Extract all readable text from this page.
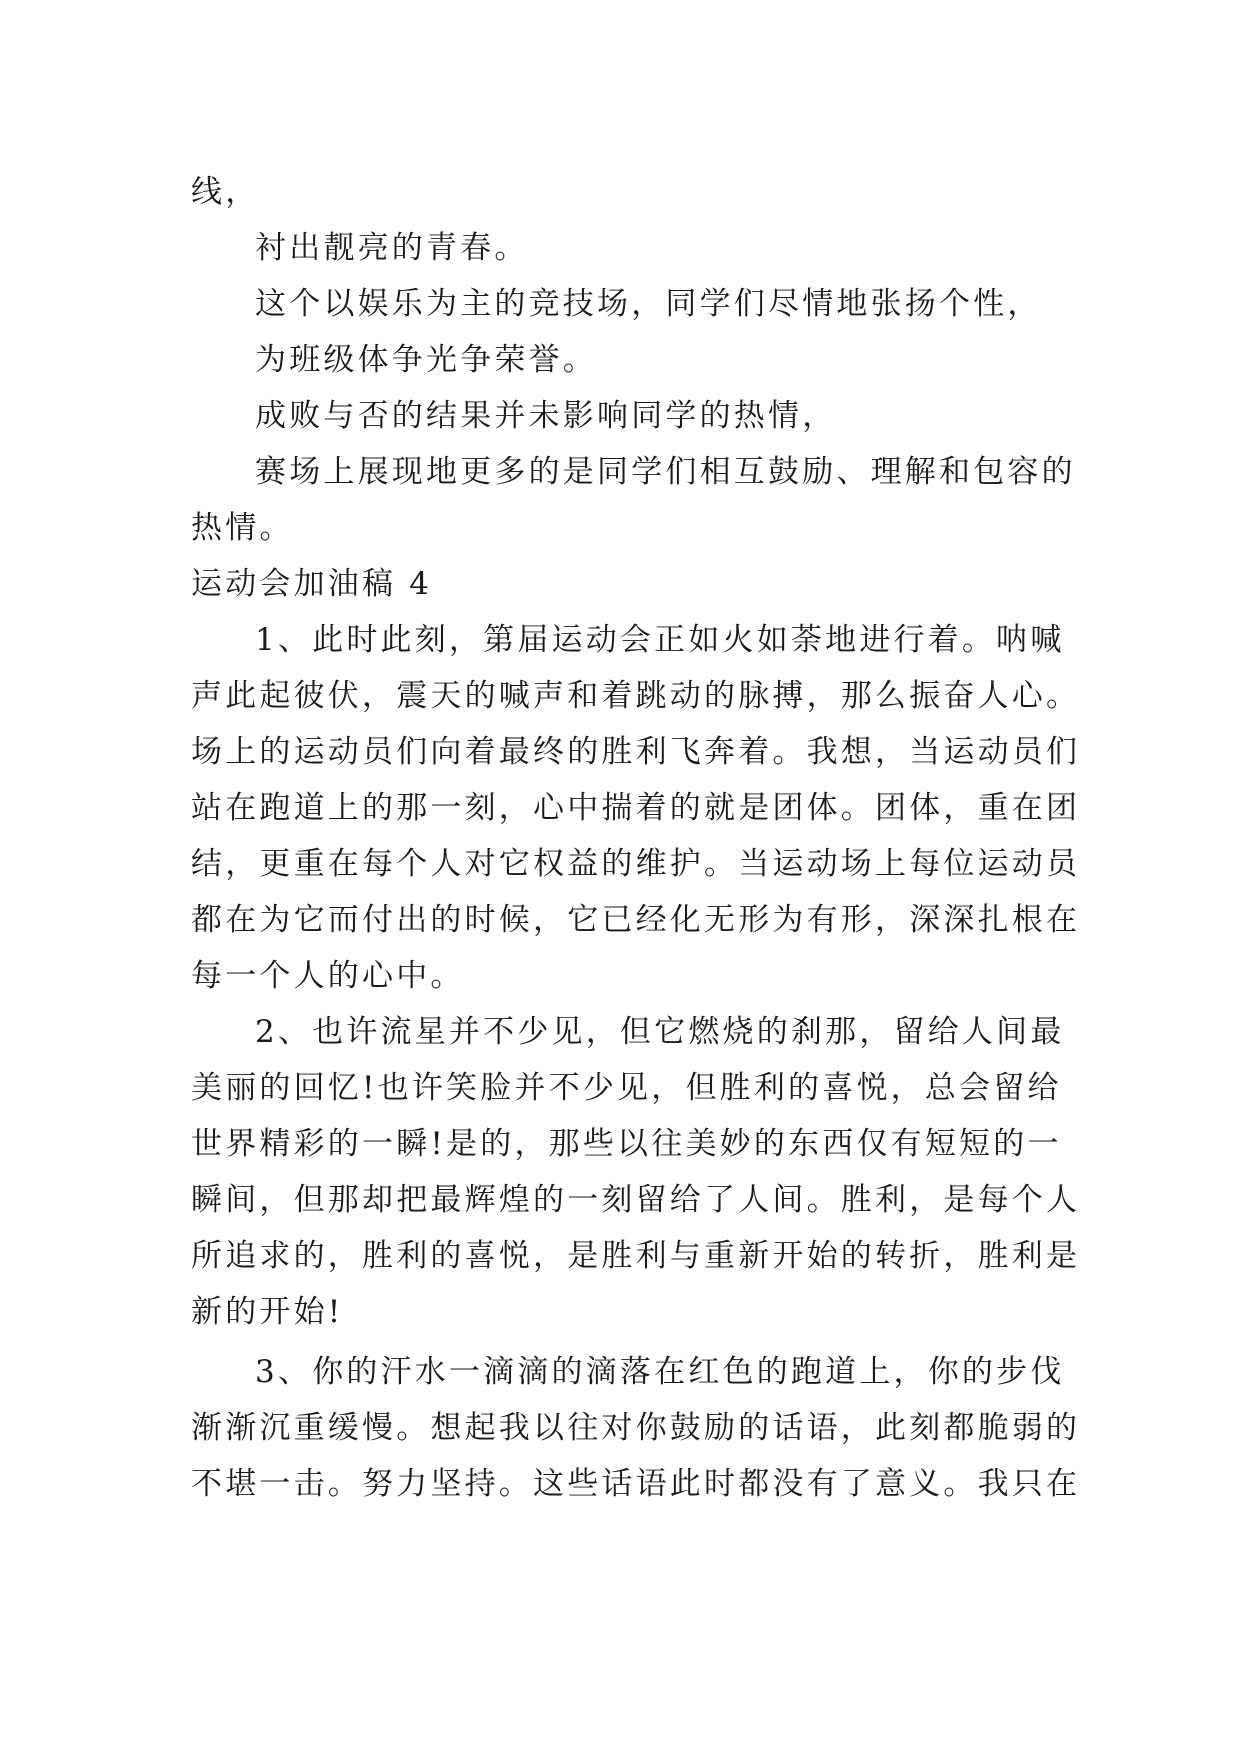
线，
衬出靓亮的青春。
这个以娱乐为主的竞技场，同学们尽情地张扬个性，
为班级体争光争荣誉。
成败与否的结果并未影响同学的热情，
赛场上展现地更多的是同学们相互鼓励、理解和包容的
热情。
运动会加油稿 4
1、此时此刻，第届运动会正如火如荼地进行着。呐喊
声此起彼伏，震天的喊声和着跳动的脉搏，那么振奋人心。
场上的运动员们向着最终的胜利飞奔着。我想，当运动员们
站在跑道上的那一刻，心中揣着的就是团体。团体，重在团
结，更重在每个人对它权益的维护。当运动场上每位运动员
都在为它而付出的时候，它已经化无形为有形，深深扎根在
每一个人的心中。
2、也许流星并不少见，但它燃烧的刹那，留给人间最
美丽的回忆!也许笑脸并不少见，但胜利的喜悦，总会留给
世界精彩的一瞬!是的，那些以往美妙的东西仅有短短的一
瞬间，但那却把最辉煌的一刻留给了人间。胜利，是每个人
所追求的，胜利的喜悦，是胜利与重新开始的转折，胜利是
新的开始!
3、你的汗水一滴滴的滴落在红色的跑道上，你的步伐
渐渐沉重缓慢。想起我以往对你鼓励的话语，此刻都脆弱的
不堪一击。努力坚持。这些话语此时都没有了意义。我只在
